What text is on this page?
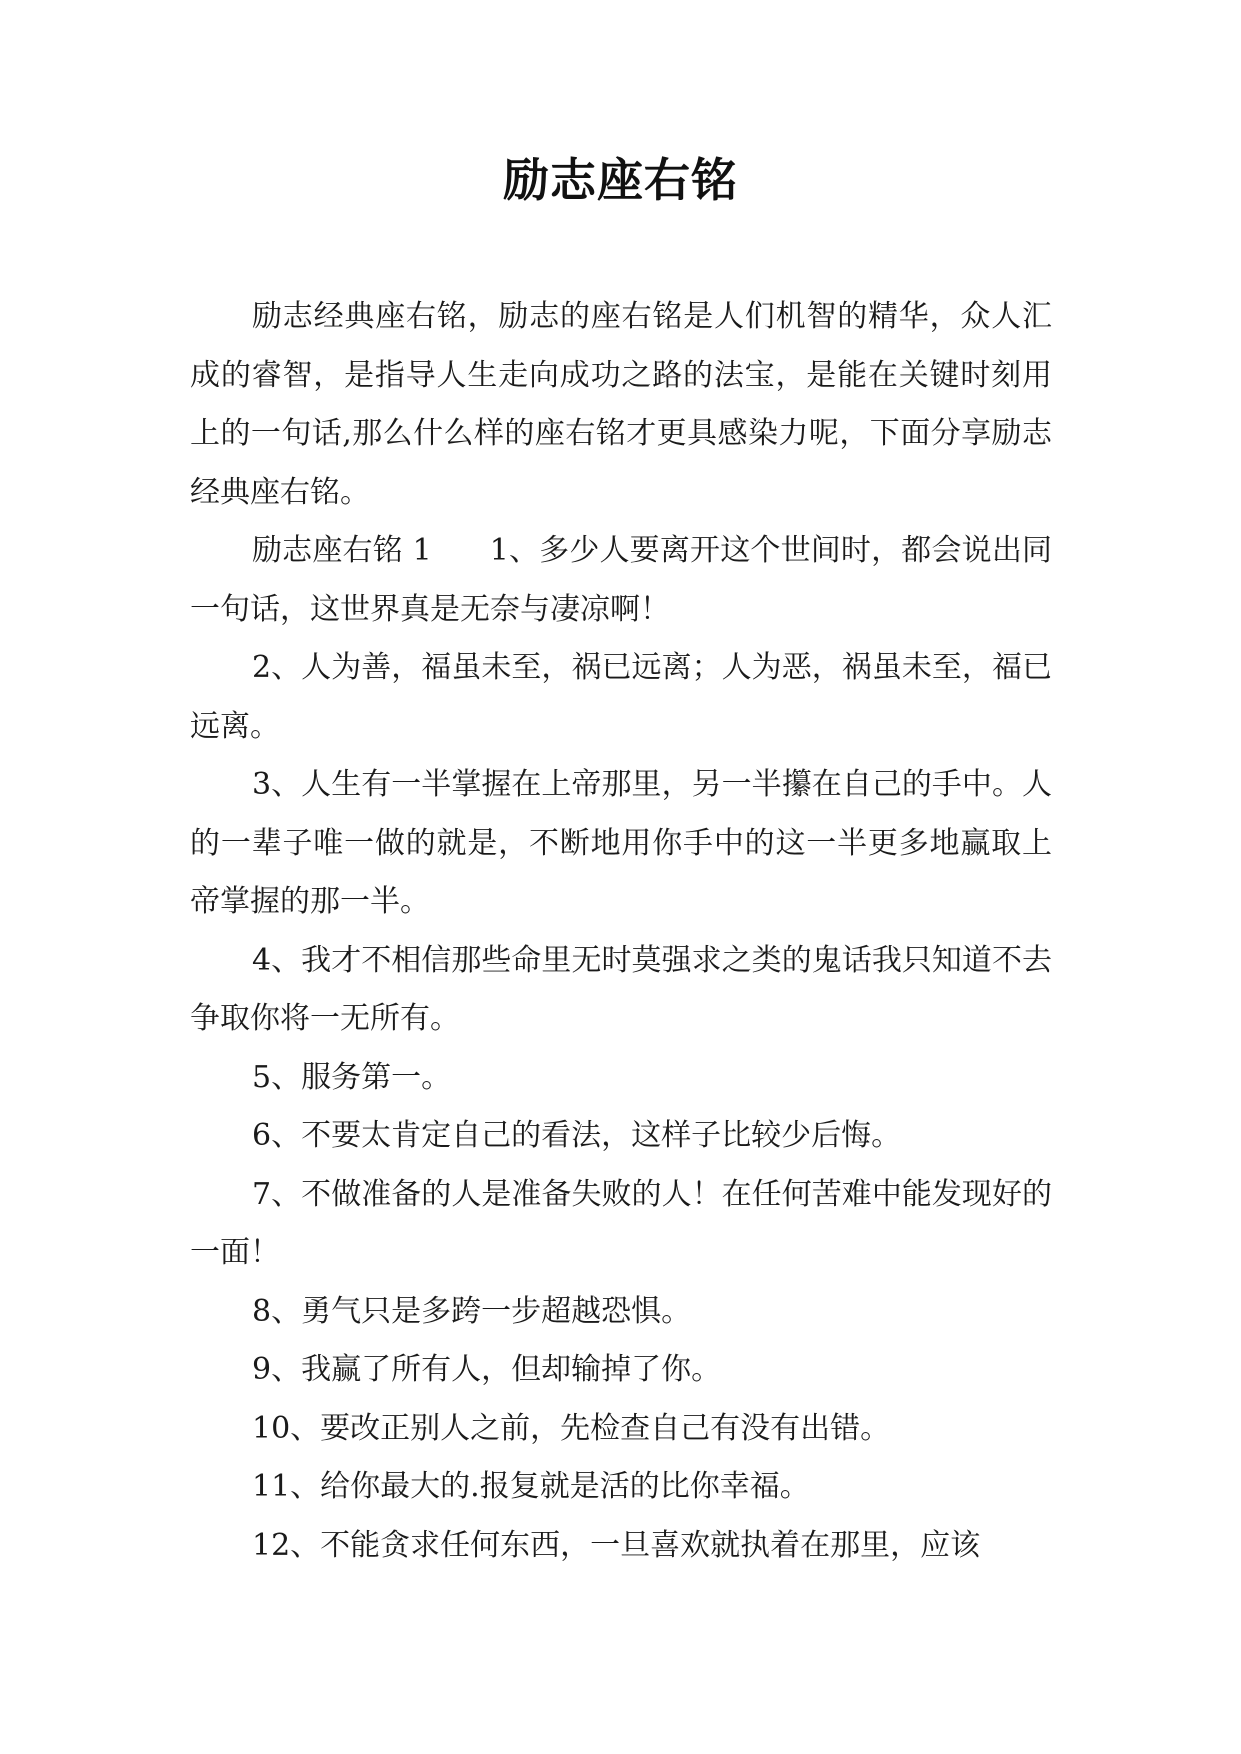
励志座右铭

励志经典座右铭，励志的座右铭是人们机智的精华，众人汇成的睿智，是指导人生走向成功之路的法宝，是能在关键时刻用上的一句话,那么什么样的座右铭才更具感染力呢，下面分享励志经典座右铭。

励志座右铭 1 1、多少人要离开这个世间时，都会说出同一句话，这世界真是无奈与凄凉啊！

2、人为善，福虽未至，祸已远离；人为恶，祸虽未至，福已远离。

3、人生有一半掌握在上帝那里，另一半攥在自己的手中。人的一辈子唯一做的就是，不断地用你手中的这一半更多地赢取上帝掌握的那一半。

4、我才不相信那些命里无时莫强求之类的鬼话我只知道不去争取你将一无所有。

5、服务第一。

6、不要太肯定自己的看法，这样子比较少后悔。

7、不做准备的人是准备失败的人！在任何苦难中能发现好的一面！

8、勇气只是多跨一步超越恐惧。

9、我赢了所有人，但却输掉了你。

10、要改正别人之前，先检查自己有没有出错。

11、给你最大的.报复就是活的比你幸福。

12、不能贪求任何东西，一旦喜欢就执着在那里，应该
